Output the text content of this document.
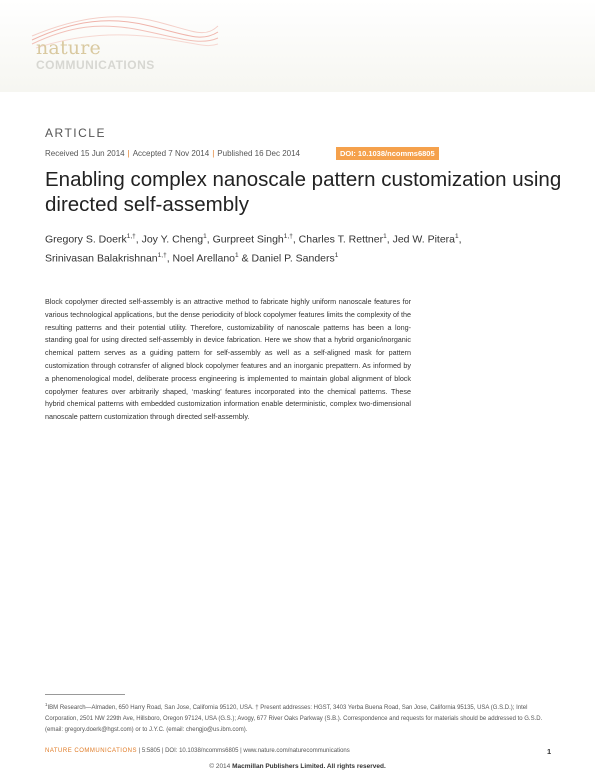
nature
COMMUNICATIONS
ARTICLE
Received 15 Jun 2014 | Accepted 7 Nov 2014 | Published 16 Dec 2014	DOI: 10.1038/ncomms6805
Enabling complex nanoscale pattern customization using directed self-assembly
Gregory S. Doerk$^{1,\dagger}$, Joy Y. Cheng$^1$, Gurpreet Singh$^{1,\dagger}$, Charles T. Rettner$^1$, Jed W. Pitera$^1$,
Srinivasan Balakrishnan$^{1,\dagger}$, Noel Arellano$^1$ & Daniel P. Sanders$^1$
Block copolymer directed self-assembly is an attractive method to fabricate highly uniform nanoscale features for various technological applications, but the dense periodicity of block copolymer features limits the complexity of the resulting patterns and their potential utility. Therefore, customizability of nanoscale patterns has been a long-standing goal for using directed self-assembly in device fabrication. Here we show that a hybrid organic/inorganic chemical pattern serves as a guiding pattern for self-assembly as well as a self-aligned mask for pattern customization through cotransfer of aligned block copolymer features and an inorganic prepattern. As informed by a phenomenological model, deliberate process engineering is implemented to maintain global alignment of block copolymer features over arbitrarily shaped, ‘masking’ features incorporated into the chemical patterns. These hybrid chemical patterns with embedded customization information enable deterministic, complex two-dimensional nanoscale pattern customization through directed self-assembly.
$^1$IBM Research—Almaden, 650 Harry Road, San Jose, California 95120, USA. † Present addresses: HGST, 3403 Yerba Buena Road, San Jose, California 95135, USA (G.S.D.); Intel Corporation, 2501 NW 229th Ave, Hillsboro, Oregon 97124, USA (G.S.); Avogy, 677 River Oaks Parkway (S.B.). Correspondence and requests for materials should be addressed to G.S.D. (email: gregory.doerk@hgst.com) or to J.Y.C. (email: chengjo@us.ibm.com).
NATURE COMMUNICATIONS | 5:5805 | DOI: 10.1038/ncomms6805 | www.nature.com/naturecommunications	1
© 2014 Macmillan Publishers Limited. All rights reserved.
